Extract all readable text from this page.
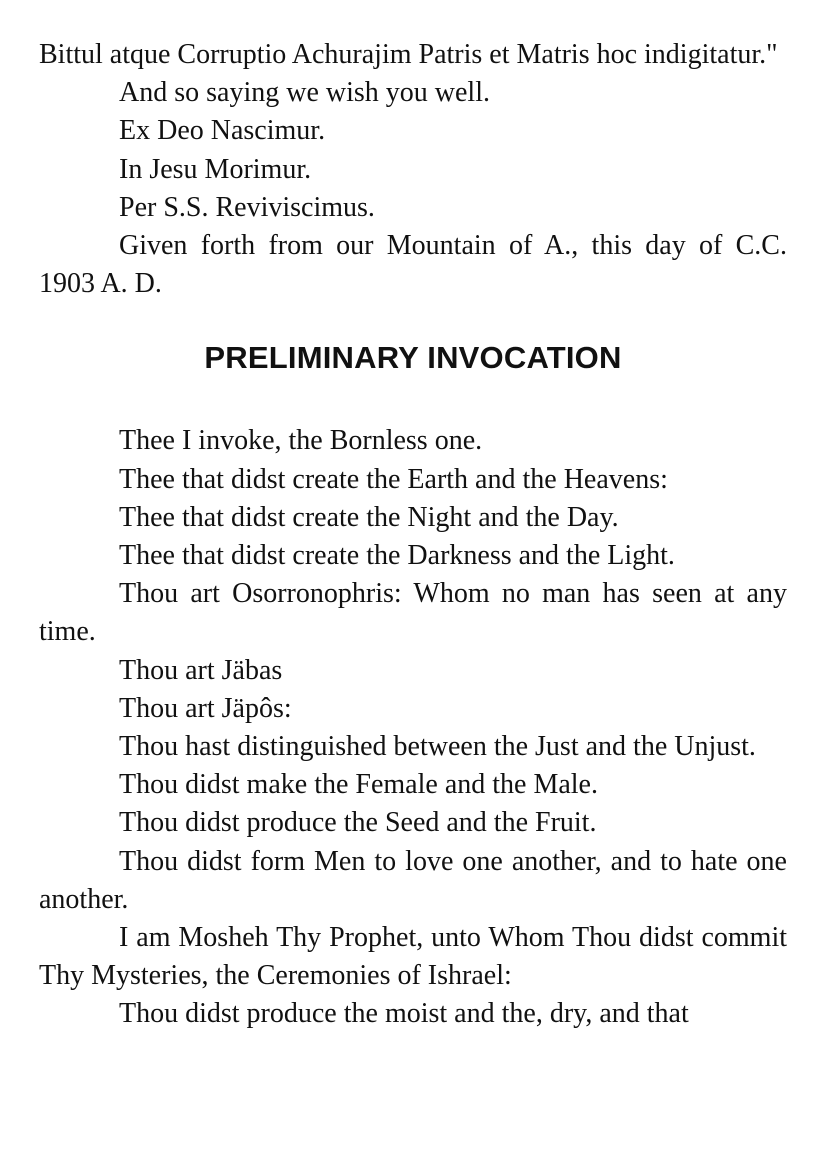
Bittul atque Corruptio Achurajim Patris et Matris hoc indigitatur."

And so saying we wish you well.

Ex Deo Nascimur.

In Jesu Morimur.

Per S.S. Reviviscimus.

Given forth from our Mountain of A., this day of C.C. 1903 A. D.

PRELIMINARY INVOCATION

Thee I invoke, the Bornless one.

Thee that didst create the Earth and the Heavens:

Thee that didst create the Night and the Day.

Thee that didst create the Darkness and the Light.

Thou art Osorronophris: Whom no man has seen at any time.

Thou art Jäbas

Thou art Jäpôs:

Thou hast distinguished between the Just and the Unjust.

Thou didst make the Female and the Male.

Thou didst produce the Seed and the Fruit.

Thou didst form Men to love one another, and to hate one another.

I am Mosheh Thy Prophet, unto Whom Thou didst commit Thy Mysteries, the Ceremonies of Ishrael:

Thou didst produce the moist and the, dry, and that
